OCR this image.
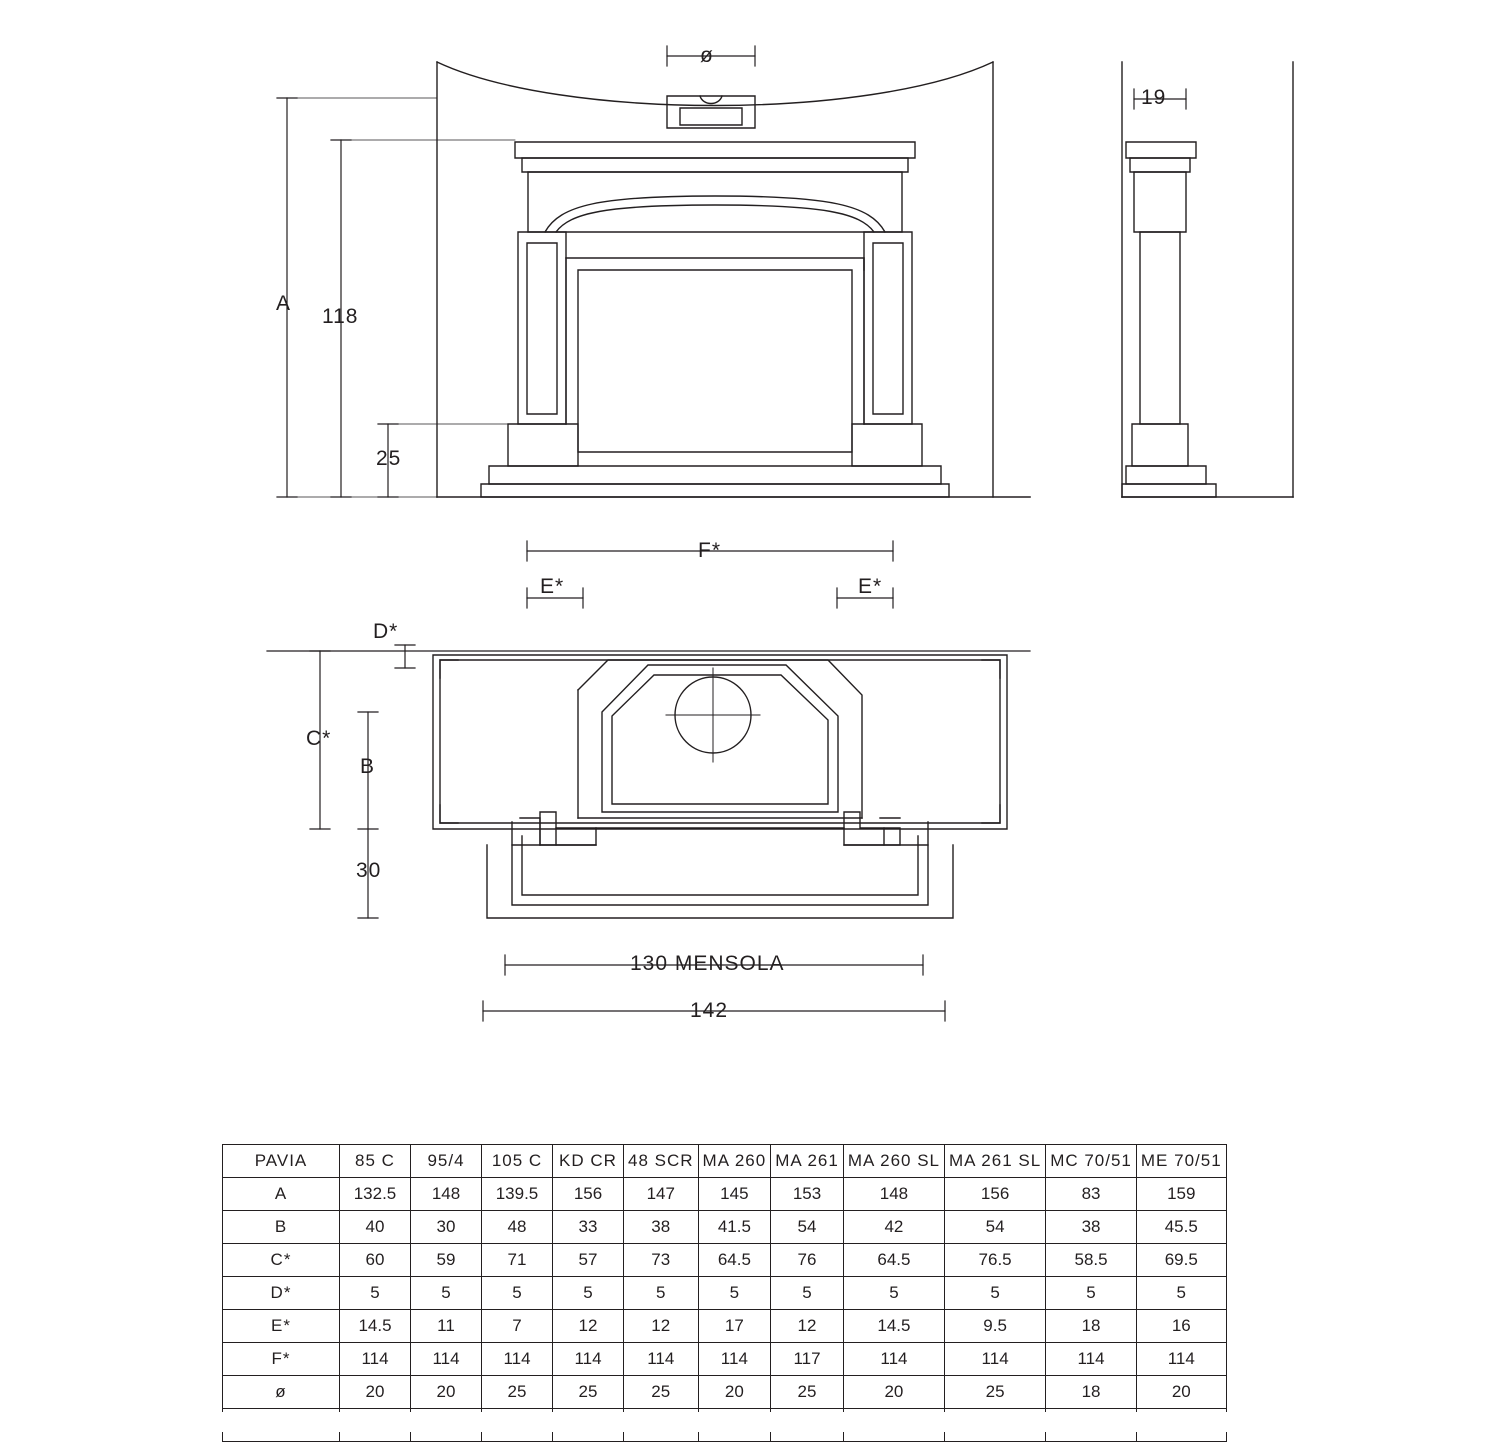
A
118
25
ø
19
F*
E*	E*
D*
C*
B
30
130 MENSOLA
142
PAVIA	85 C	95/4	105 C	KD CR	48 SCR	MA 260	MA 261	MA 260 SL	MA 261 SL	MC 70/51	ME 70/51
A	132.5	148	139.5	156	147	145	153	148	156	83	159
B	40	30	48	33	38	41.5	54	42	54	38	45.5
C*	60	59	71	57	73	64.5	76	64.5	76.5	58.5	69.5
D*	5	5	5	5	5	5	5	5	5	5	5
E*	14.5	11	7	12	12	17	12	14.5	9.5	18	16
F*	114	114	114	114	114	114	117	114	114	114	114
ø	20	20	25	25	25	20	25	20	25	18	20
